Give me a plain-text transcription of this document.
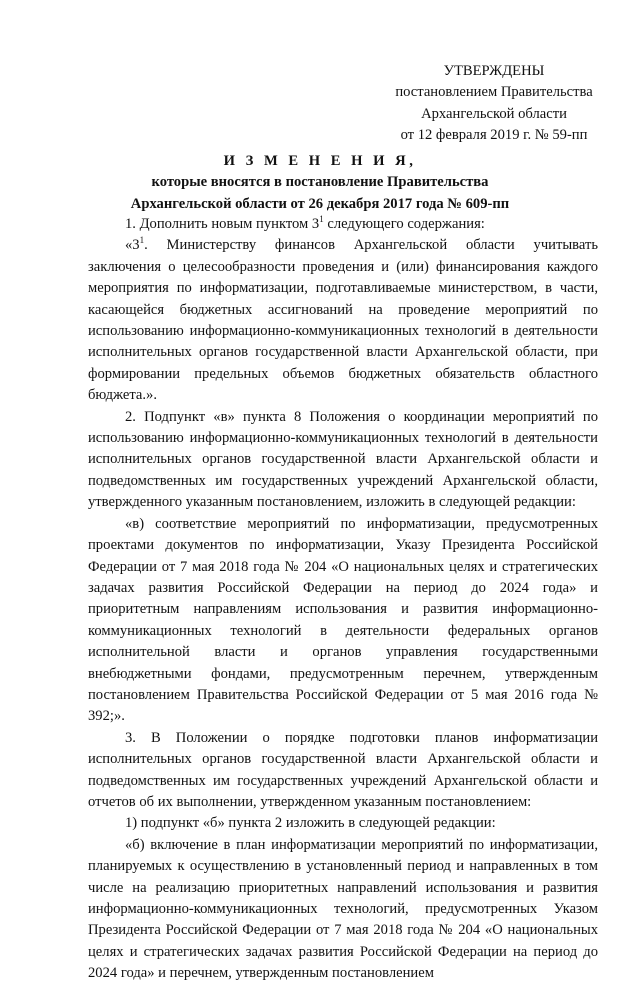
УТВЕРЖДЕНЫ
постановлением Правительства
Архангельской области
от 12 февраля 2019 г. № 59-пп
И З М Е Н Е Н И Я,
которые вносятся в постановление Правительства
Архангельской области от 26 декабря 2017 года № 609-пп

1. Дополнить новым пунктом $3^1$ следующего содержания:

«$3^1$. Министерству финансов Архангельской области учитывать заключения о целесообразности проведения и (или) финансирования каждого мероприятия по информатизации, подготавливаемые министерством, в части, касающейся бюджетных ассигнований на проведение мероприятий по использованию информационно-коммуникационных технологий в деятельности исполнительных органов государственной власти Архангельской области, при формировании предельных объемов бюджетных обязательств областного бюджета.».

2. Подпункт «в» пункта 8 Положения о координации мероприятий по использованию информационно-коммуникационных технологий в деятельности исполнительных органов государственной власти Архангельской области и подведомственных им государственных учреждений Архангельской области, утвержденного указанным постановлением, изложить в следующей редакции:

«в) соответствие мероприятий по информатизации, предусмотренных проектами документов по информатизации, Указу Президента Российской Федерации от 7 мая 2018 года № 204 «О национальных целях и стратегических задачах развития Российской Федерации на период до 2024 года» и приоритетным направлениям использования и развития информационно-коммуникационных технологий в деятельности федеральных органов исполнительной власти и органов управления государственными внебюджетными фондами, предусмотренным перечнем, утвержденным постановлением Правительства Российской Федерации от 5 мая 2016 года № 392;».

3. В Положении о порядке подготовки планов информатизации исполнительных органов государственной власти Архангельской области и подведомственных им государственных учреждений Архангельской области и отчетов об их выполнении, утвержденном указанным постановлением:

1) подпункт «б» пункта 2 изложить в следующей редакции:

«б) включение в план информатизации мероприятий по информатизации, планируемых к осуществлению в установленный период и направленных в том числе на реализацию приоритетных направлений использования и развития информационно-коммуникационных технологий, предусмотренных Указом Президента Российской Федерации от 7 мая 2018 года № 204 «О национальных целях и стратегических задачах развития Российской Федерации на период до 2024 года» и перечнем, утвержденным постановлением
